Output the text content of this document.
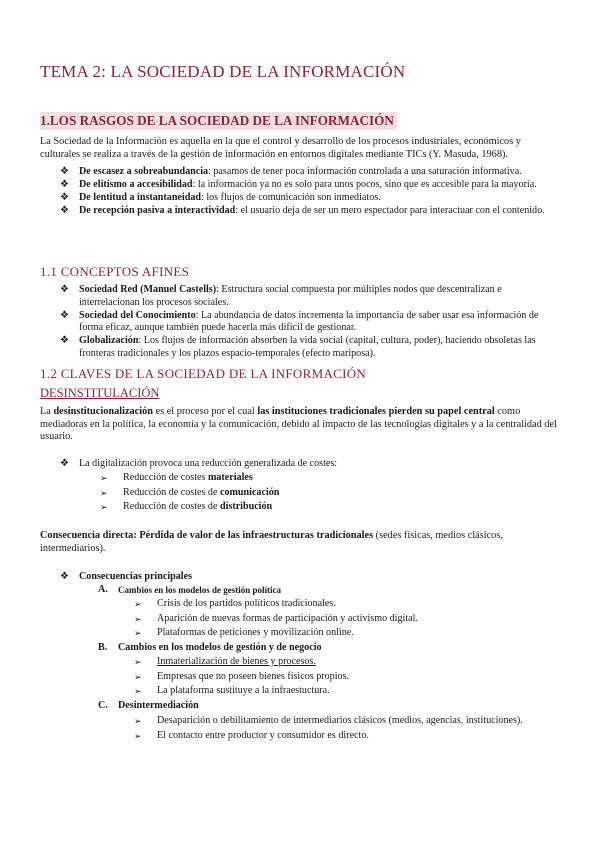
TEMA 2: LA SOCIEDAD DE LA INFORMACIÓN
1.LOS RASGOS DE LA SOCIEDAD DE LA INFORMACIÓN

La Sociedad de la Información es aquella en la que el control y desarrollo de los procesos industriales, económicos y culturales se realiza a través de la gestión de información en entornos digitales mediante TICs (Y. Masuda, 1968).

❖ De escasez a sobreabundancia: pasamos de tener poca información controlada a una saturación informativa.
❖ De elitismo a accesibilidad: la información ya no es solo para unos pocos, sino que es accesible para la mayoría.
❖ De lentitud a instantaneidad: los flujos de comunicación son inmediatos.
❖ De recepción pasiva a interactividad: el usuario deja de ser un mero espectador para interactuar con el contenido.
1.1 CONCEPTOS AFINES
❖ Sociedad Red (Manuel Castells): Estructura social compuesta por múltiples nodos que descentralizan e interrelacionan los procesos sociales.
❖ Sociedad del Conocimiento: La abundancia de datos incrementa la importancia de saber usar esa información de forma eficaz, aunque también puede hacerla más difícil de gestionar.
❖ Globalización: Los flujos de información absorben la vida social (capital, cultura, poder), haciendo obsoletas las fronteras tradicionales y los plazos espacio-temporales (efecto mariposa).
1.2 CLAVES DE LA SOCIEDAD DE LA INFORMACIÓN
DESINSTITULACIÓN

La desinstitucionalización es el proceso por el cual las instituciones tradicionales pierden su papel central como mediadoras en la política, la economía y la comunicación, debido al impacto de las tecnologías digitales y a la centralidad del usuario.

❖ La digitalización provoca una reducción generalizada de costes:
➢ Reducción de costes materiales
➢ Reducción de costes de comunicación
➢ Reducción de costes de distribución

Consecuencia directa: Pérdida de valor de las infraestructuras tradicionales (sedes físicas, medios clásicos, intermediarios).

❖ Consecuencias principales
A. Cambios en los modelos de gestión política
➢ Crisis de los partidos políticos tradicionales.
➢ Aparición de nuevas formas de participación y activismo digital.
➢ Plataformas de peticiones y movilización online.
B. Cambios en los modelos de gestión y de negocio
➢ Inmaterialización de bienes y procesos.
➢ Empresas que no poseen bienes físicos propios.
➢ La plataforma sustituye a la infraestuctura.
C. Desintermediación
➢ Desaparición o debilitamiento de intermediarios clásicos (medios, agencias, instituciones).
➢ El contacto entre productor y consumidor es directo.
